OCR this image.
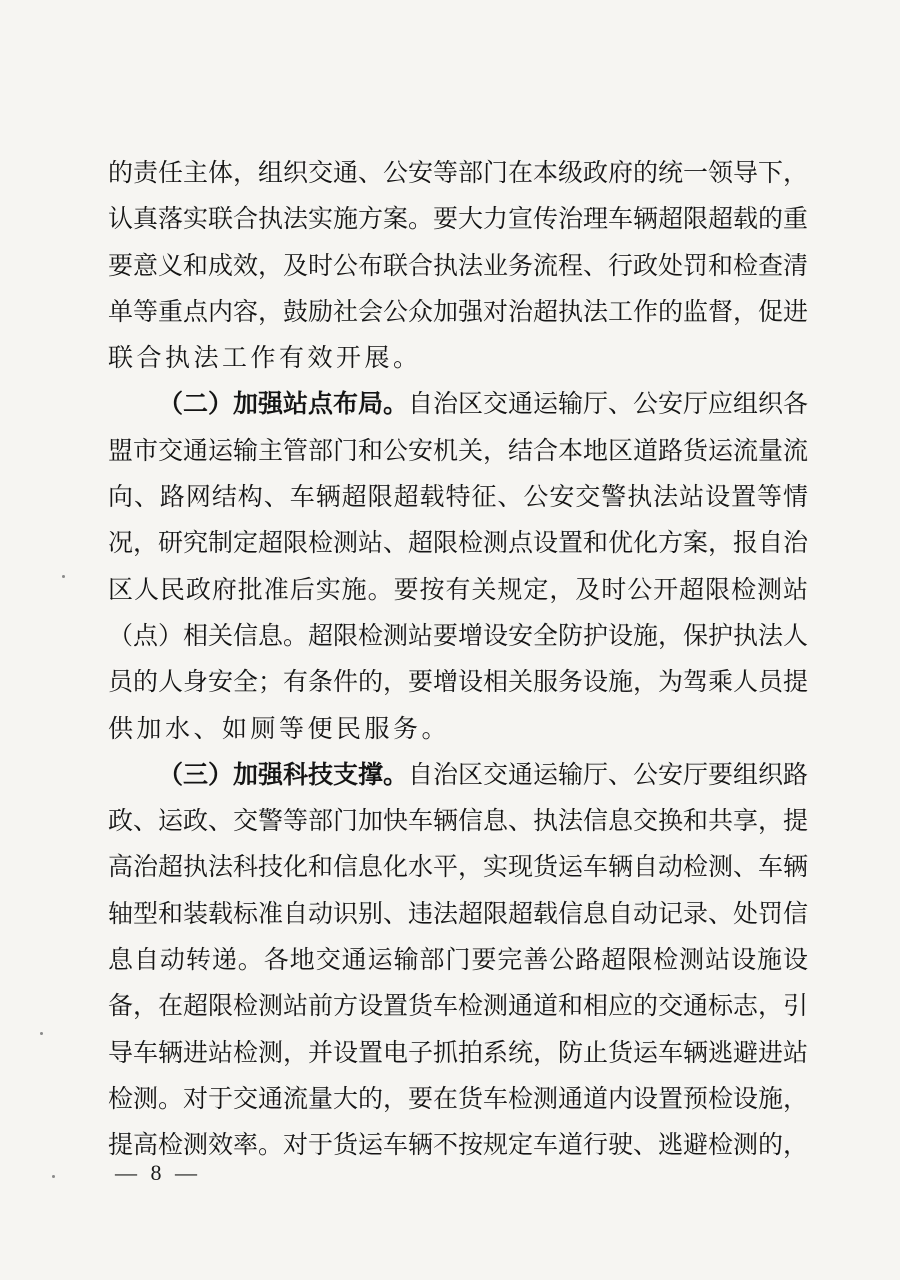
的责任主体，组织交通、公安等部门在本级政府的统一领导下，
认真落实联合执法实施方案。要大力宣传治理车辆超限超载的重
要意义和成效，及时公布联合执法业务流程、行政处罚和检查清
单等重点内容，鼓励社会公众加强对治超执法工作的监督，促进
联合执法工作有效开展。
（二）加强站点布局。自治区交通运输厅、公安厅应组织各
盟市交通运输主管部门和公安机关，结合本地区道路货运流量流
向、路网结构、车辆超限超载特征、公安交警执法站设置等情
况，研究制定超限检测站、超限检测点设置和优化方案，报自治
区人民政府批准后实施。要按有关规定，及时公开超限检测站
（点）相关信息。超限检测站要增设安全防护设施，保护执法人
员的人身安全；有条件的，要增设相关服务设施，为驾乘人员提
供加水、如厕等便民服务。
（三）加强科技支撑。自治区交通运输厅、公安厅要组织路
政、运政、交警等部门加快车辆信息、执法信息交换和共享，提
高治超执法科技化和信息化水平，实现货运车辆自动检测、车辆
轴型和装载标准自动识别、违法超限超载信息自动记录、处罚信
息自动转递。各地交通运输部门要完善公路超限检测站设施设
备，在超限检测站前方设置货车检测通道和相应的交通标志，引
导车辆进站检测，并设置电子抓拍系统，防止货运车辆逃避进站
检测。对于交通流量大的，要在货车检测通道内设置预检设施，
提高检测效率。对于货运车辆不按规定车道行驶、逃避检测的，
— 8 —
